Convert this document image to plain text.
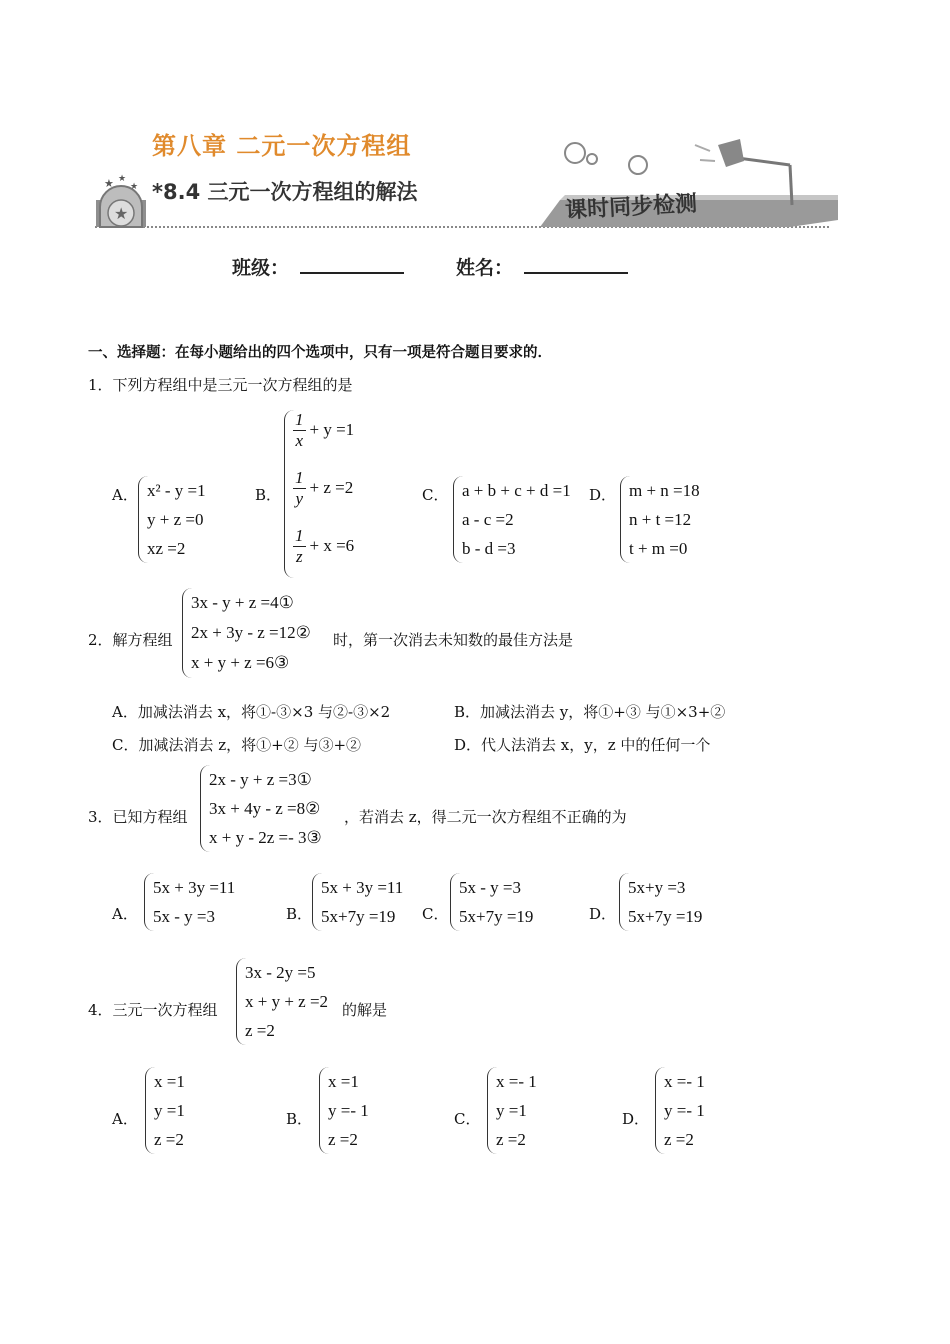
★
★ ★
★
第八章 二元一次方程组
*8.4 三元一次方程组的解法	课时同步检测
班级：	姓名：
一、选择题：在每小题给出的四个选项中，只有一项是符合题目要求的．
1．下列方程组中是三元一次方程组的是
A． x² - y =1
y + z =0
xz =2
B．
$\frac{1}{x} + y =1$
$\frac{1}{y} + z =2$
$\frac{1}{z} + x =6$
C． a + b + c + d =1
a - c =2
b - d =3
D． m + n =18
n + t =12
t + m =0
2．解方程组
3x - y + z =4①
2x + 3y - z =12②
x + y + z =6③
时，第一次消去未知数的最佳方法是
A．加减法消去 x，将①-③×3 与②-③×2	B．加减法消去 y，将①+③ 与①×3+②
C．加减法消去 z，将①+② 与③+②	D．代人法消去 x，y，z 中的任何一个
3．已知方程组
2x - y + z =3①
3x + 4y - z =8②
x + y - 2z =- 3③
，若消去 z，得二元一次方程组不正确的为
A．
5x + 3y =11
5x - y =3	B．
5x + 3y =11
5x+7y =19	C．
5x - y =3
5x+7y =19	D．
5x+y =3
5x+7y =19
4．三元一次方程组
3x - 2y =5
x + y + z =2
z =2
的解是
A．
x =1
y =1
z =2
B．
x =1
y =- 1
z =2
C．
x =- 1
y =1
z =2
D．
x =- 1
y =- 1
z =2
